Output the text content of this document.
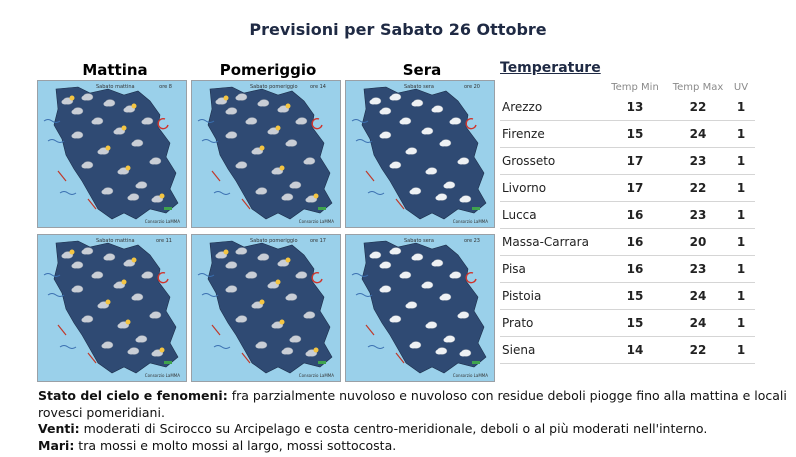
Previsioni per Sabato 26 Ottobre
Mattina	Pomeriggio	Sera
Sabato mattina	ore 8
Consorzio LaMMA
Sabato pomeriggio ore 14
Consorzio LaMMA
Sabato sera	ore 20
Consorzio LaMMA
Sabato mattina	ore 11
Consorzio LaMMA
Sabato pomeriggio ore 17
Consorzio LaMMA
Sabato sera	ore 23
Consorzio LaMMA
Temperature
Temp Min	Temp Max	UV
Arezzo	13	22	1
Firenze	15	24	1
Grosseto	17	23	1
Livorno	17	22	1
Lucca	16	23	1
Massa-Carrara	16	20	1
Pisa	16	23	1
Pistoia	15	24	1
Prato	15	24	1
Siena	14	22	1
Stato del cielo e fenomeni: fra parzialmente nuvoloso e nuvoloso con residue deboli piogge fino alla mattina e locali rovesci pomeridiani.
Venti: moderati di Scirocco su Arcipelago e costa centro-meridionale, deboli o al più moderati nell'interno.
Mari: tra mossi e molto mossi al largo, mossi sottocosta.
